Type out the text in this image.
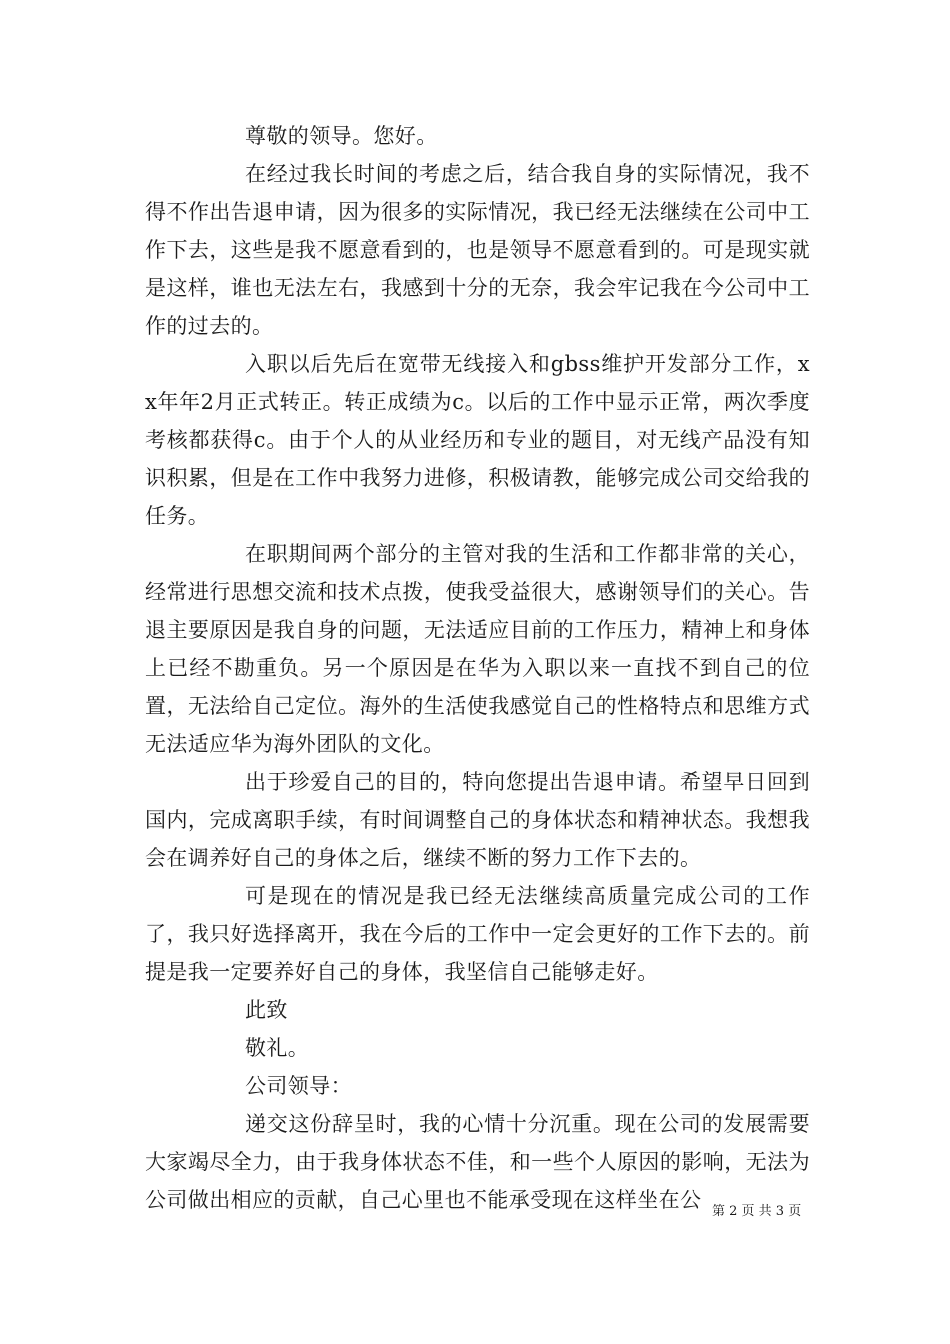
尊敬的领导。您好。

在经过我长时间的考虑之后，结合我自身的实际情况，我不得不作出告退申请，因为很多的实际情况，我已经无法继续在公司中工作下去，这些是我不愿意看到的，也是领导不愿意看到的。可是现实就是这样，谁也无法左右，我感到十分的无奈，我会牢记我在今公司中工作的过去的。

入职以后先后在宽带无线接入和gbss维护开发部分工作，xx年年2月正式转正。转正成绩为c。以后的工作中显示正常，两次季度考核都获得c。由于个人的从业经历和专业的题目，对无线产品没有知识积累，但是在工作中我努力进修，积极请教，能够完成公司交给我的任务。

在职期间两个部分的主管对我的生活和工作都非常的关心，经常进行思想交流和技术点拨，使我受益很大，感谢领导们的关心。告退主要原因是我自身的问题，无法适应目前的工作压力，精神上和身体上已经不勘重负。另一个原因是在华为入职以来一直找不到自己的位置，无法给自己定位。海外的生活使我感觉自己的性格特点和思维方式无法适应华为海外团队的文化。

出于珍爱自己的目的，特向您提出告退申请。希望早日回到国内，完成离职手续，有时间调整自己的身体状态和精神状态。我想我会在调养好自己的身体之后，继续不断的努力工作下去的。

可是现在的情况是我已经无法继续高质量完成公司的工作了，我只好选择离开，我在今后的工作中一定会更好的工作下去的。前提是我一定要养好自己的身体，我坚信自己能够走好。

此致

敬礼。

公司领导：

递交这份辞呈时，我的心情十分沉重。现在公司的发展需要大家竭尽全力，由于我身体状态不佳，和一些个人原因的影响，无法为公司做出相应的贡献，自己心里也不能承受现在这样坐在公 第 2 页 共 3 页
